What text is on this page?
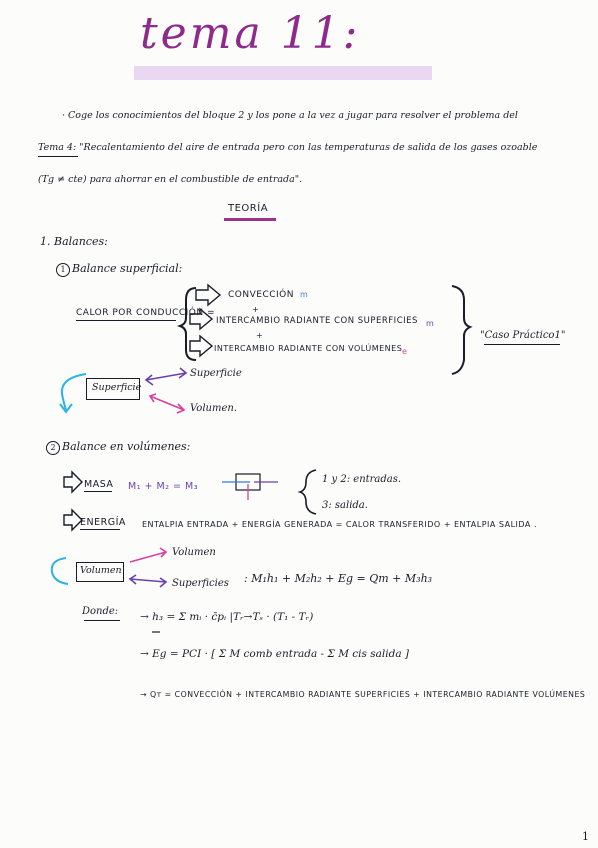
tema 11:
· Coge los conocimientos del bloque 2 y los pone a la vez a jugar para resolver el problema del
Tema 4: "Recalentamiento del aire de entrada pero con las temperaturas de salida de los gases ozoable
(Tg ≠ cte) para ahorrar en el combustible de entrada".
TEORÍA
1. Balances:
1 Balance superficial:
CALOR POR CONDUCCIÓN =
CONVECCIÓN
+
INTERCAMBIO RADIANTE CON SUPERFICIES
+
INTERCAMBIO RADIANTE CON VOLÚMENES
"Caso Práctico1"
Superficie
Superficie
Volumen.
2 Balance en volúmenes:
MASA M₁ + M₂ = M₃
1 y 2: entradas.
3: salida.
ENERGÍA ENTALPIA ENTRADA + ENERGÍA GENERADA = CALOR TRANSFERIDO + ENTALPIA SALIDA .
Volumen
Volumen
Superficies : M₁h₁ + M₂h₂ + Eg = Qт + M₃h₃
Donde: → h₃ = Σ mᵢ · c̄pᵢ |Tᵣ→Tₛ · (T₁ - Tᵣ)
→ Eg = PCI · [ Σ M comb entrada - Σ M cis salida ]
→ Qт = CONVECCIÓN + INTERCAMBIO RADIANTE SUPERFICIES + INTERCAMBIO RADIANTE VOLÚMENES
1
m
m
e
